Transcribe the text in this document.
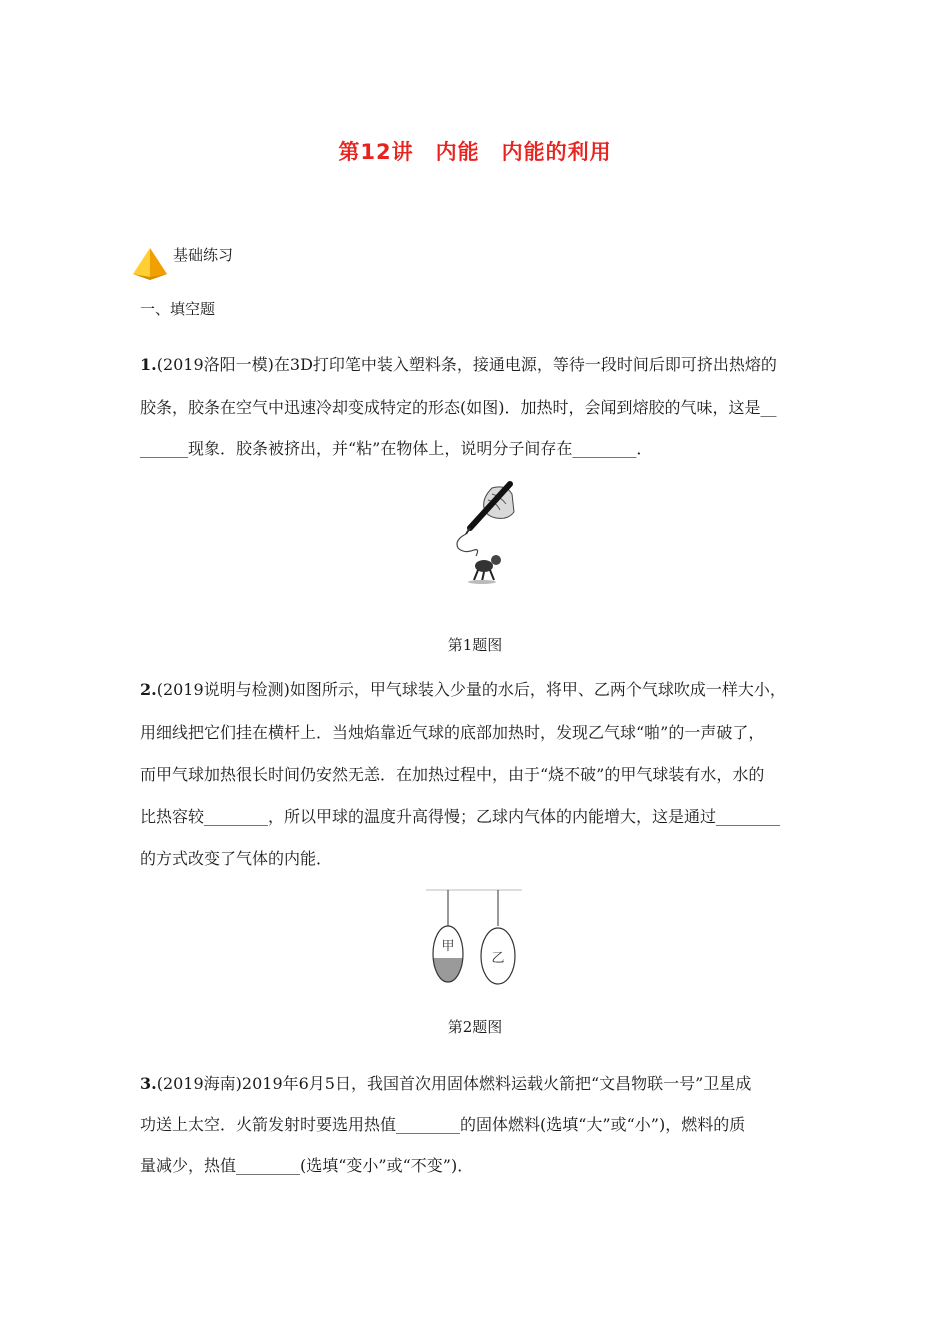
第12讲　内能　内能的利用
基础练习
一、填空题
1.(2019洛阳一模)在3D打印笔中装入塑料条，接通电源，等待一段时间后即可挤出热熔的
胶条，胶条在空气中迅速冷却变成特定的形态(如图)．加热时，会闻到熔胶的气味，这是__
______现象．胶条被挤出，并“粘”在物体上，说明分子间存在________．
第1题图
2.(2019说明与检测)如图所示，甲气球装入少量的水后，将甲、乙两个气球吹成一样大小，
用细线把它们挂在横杆上．当烛焰靠近气球的底部加热时，发现乙气球“啪”的一声破了，
而甲气球加热很长时间仍安然无恙．在加热过程中，由于“烧不破”的甲气球装有水，水的
比热容较________，所以甲球的温度升高得慢；乙球内气体的内能增大，这是通过________
的方式改变了气体的内能．
甲
乙
第2题图
3.(2019海南)2019年6月5日，我国首次用固体燃料运载火箭把“文昌物联一号”卫星成
功送上太空．火箭发射时要选用热值________的固体燃料(选填“大”或“小”)，燃料的质
量减少，热值________(选填“变小”或“不变”)．
